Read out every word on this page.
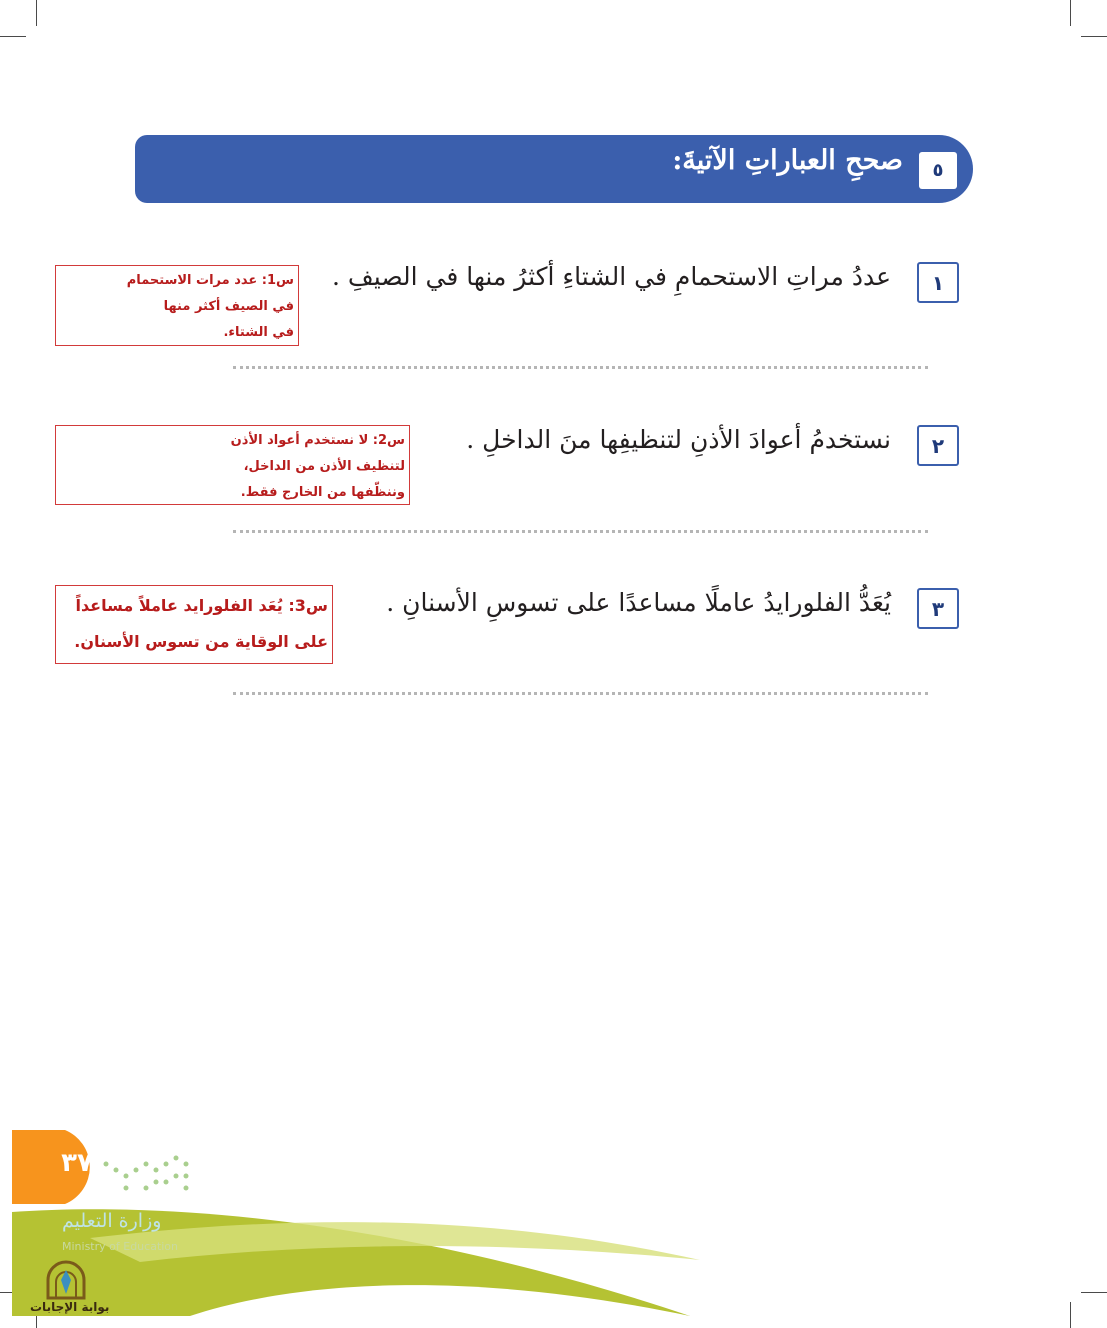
٥
صححِ العباراتِ الآتيةَ:
١
عددُ مراتِ الاستحمامِ في الشتاءِ أكثرُ منها في الصيفِ .
س1: عدد مرات الاستحمام
في الصيف أكثر منها
في الشتاء.
٢
نستخدمُ أعوادَ الأذنِ لتنظيفِها منَ الداخلِ .
س2: لا نستخدم أعواد الأذن
لتنظيف الأذن من الداخل،
وننظّفها من الخارج فقط.
٣
يُعَدُّ الفلورايدُ عاملًا مساعدًا على تسوسِ الأسنانِ .
س3: يُعَد الفلورايد عاملاً مساعداً
على الوقاية من تسوس الأسنان.
٣٧
وزارة التعليم
Ministry of Education
بوابة الإجابات
